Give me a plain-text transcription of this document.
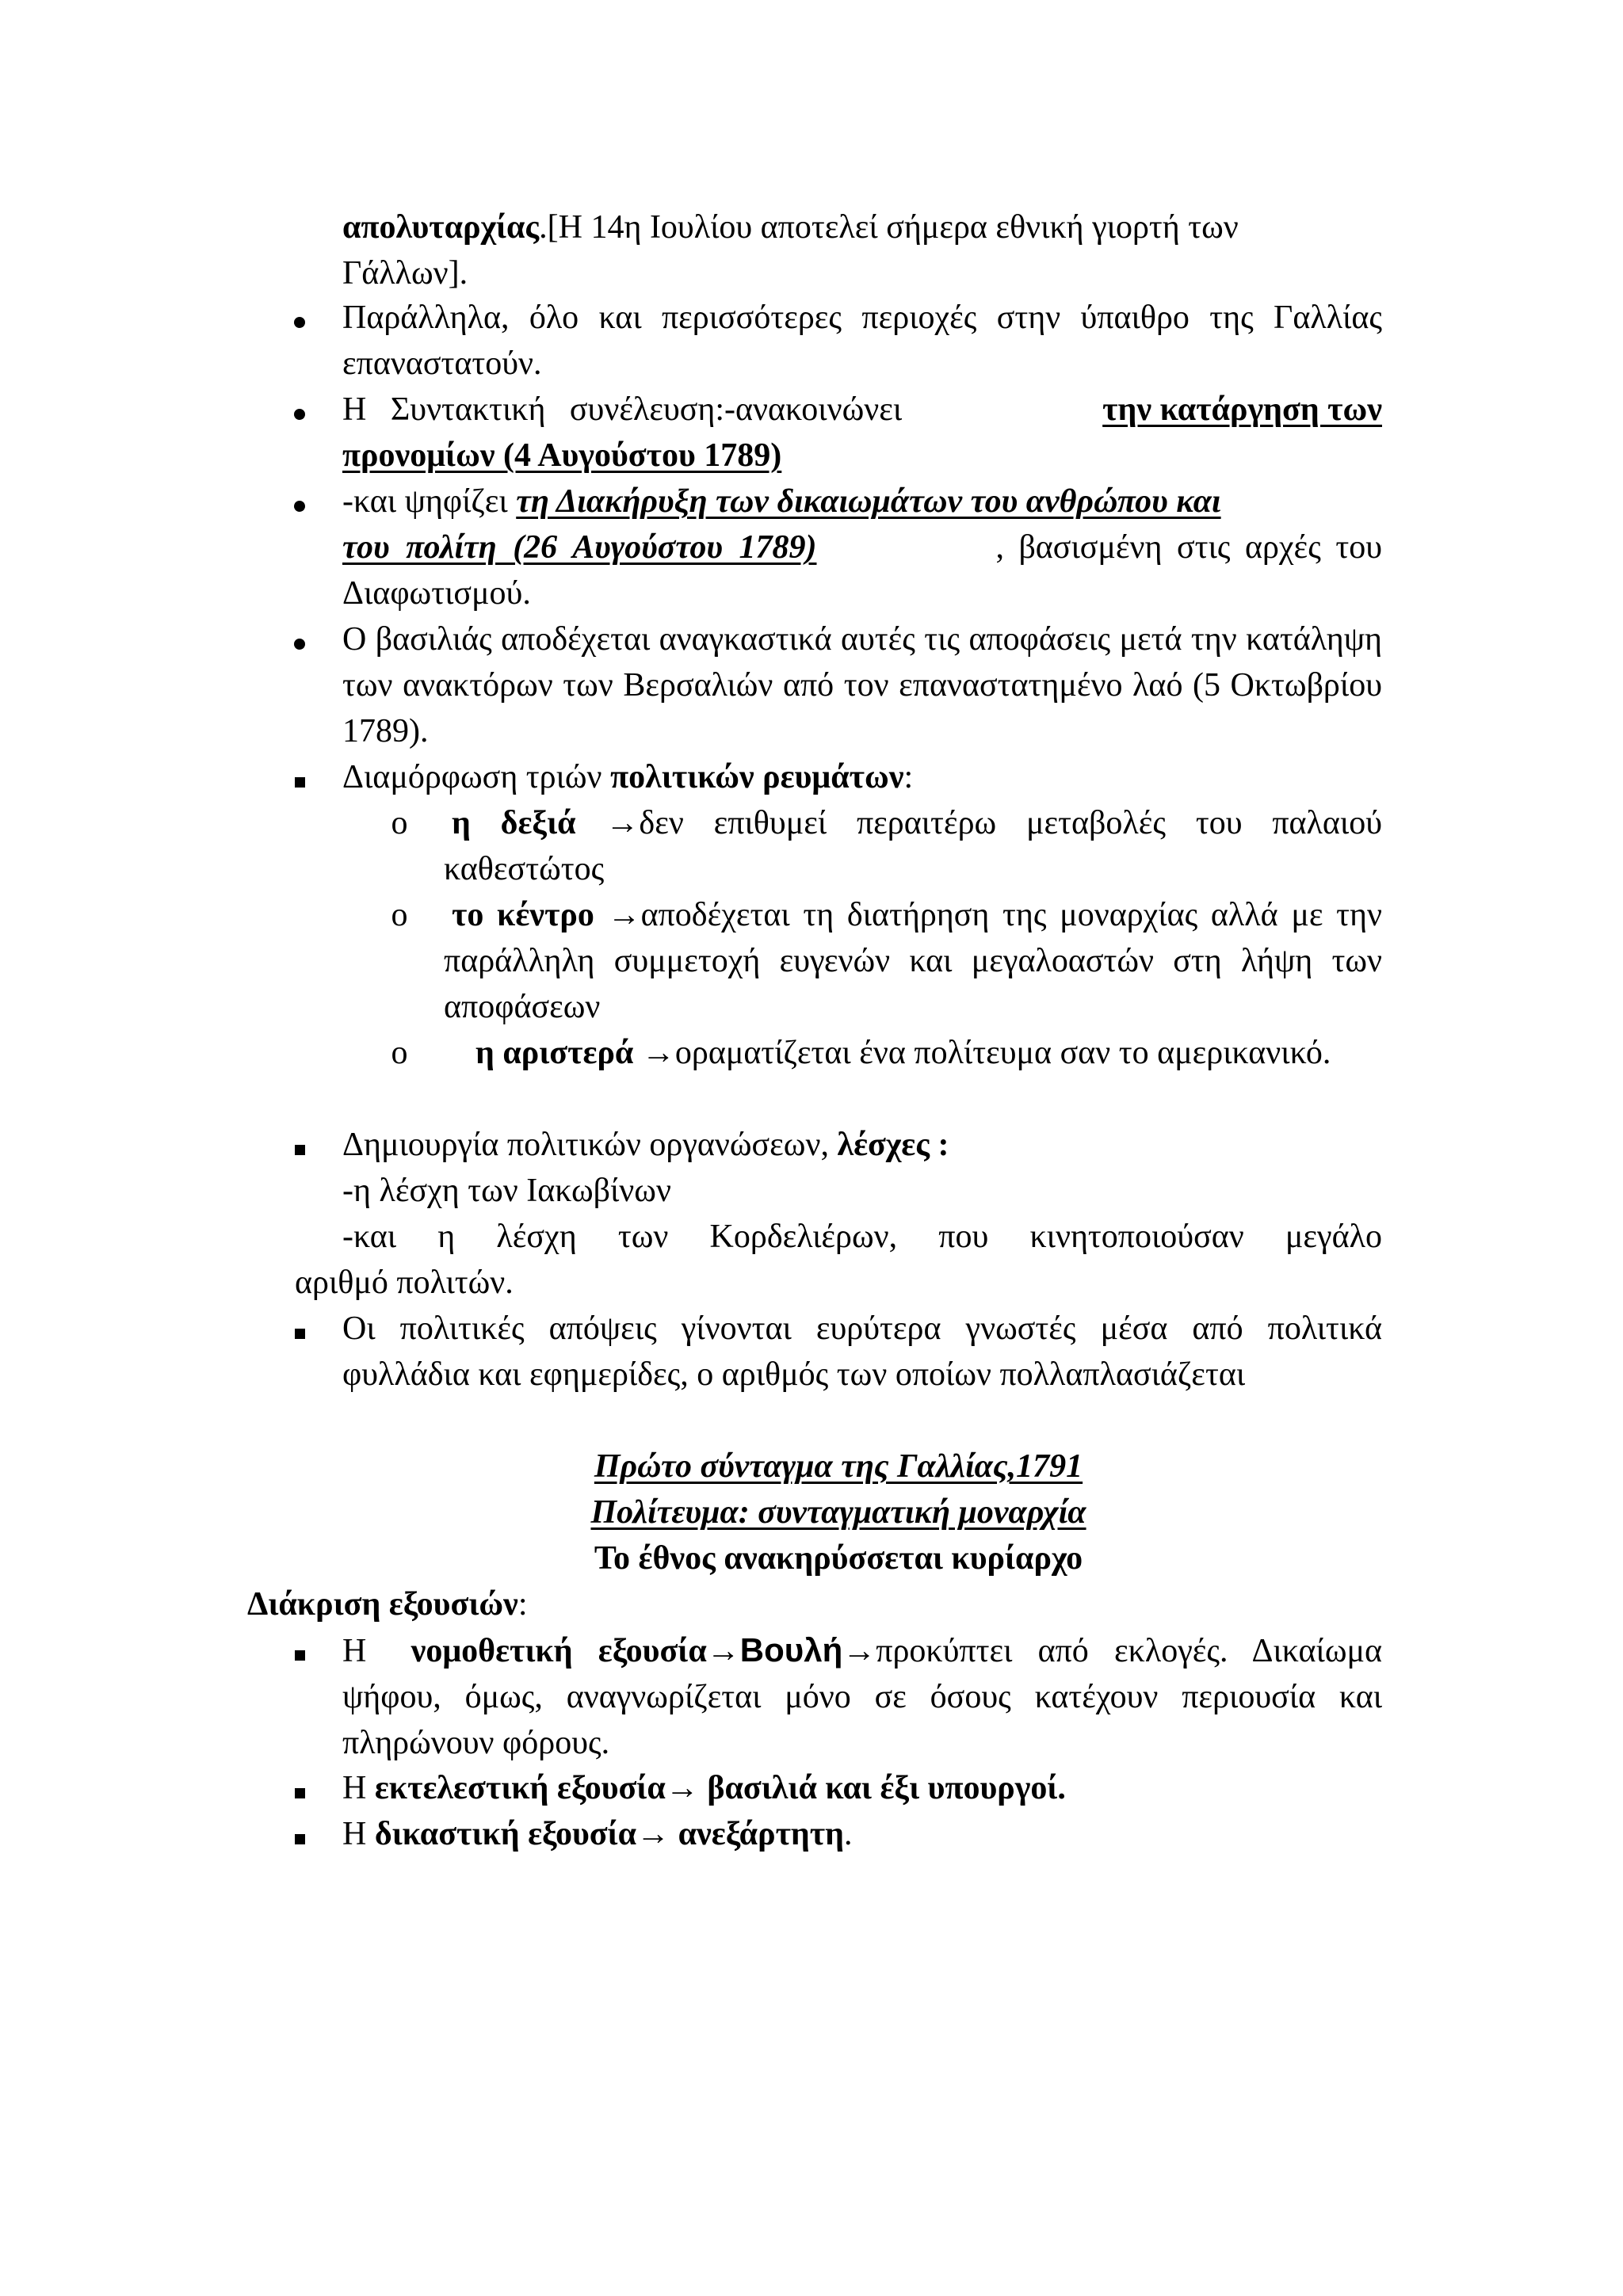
απολυταρχίας.[Η 14η Ιουλίου αποτελεί σήμερα εθνική γιορτή των
Γάλλων].
Παράλληλα, όλο και περισσότερες περιοχές στην ύπαιθρο της Γαλλίας επαναστατούν.
Η Συντακτική συνέλευση:-ανακοινώνει	την κατάργηση των
προνομίων (4 Αυγούστου 1789)
-και ψηφίζει τη Διακήρυξη των δικαιωμάτων του ανθρώπου και
του πολίτη (26 Αυγούστου 1789)	, βασισμένη στις αρχές του
Διαφωτισμού.
Ο βασιλιάς αποδέχεται αναγκαστικά αυτές τις αποφάσεις μετά την κατάληψη των ανακτόρων των Βερσαλιών από τον επαναστατημένο λαό (5 Οκτωβρίου 1789).
Διαμόρφωση τριών πολιτικών ρευμάτων:
o η δεξιά →δεν επιθυμεί περαιτέρω μεταβολές του παλαιού καθεστώτος
o το κέντρο →αποδέχεται τη διατήρηση της μοναρχίας αλλά με την παράλληλη συμμετοχή ευγενών και μεγαλοαστών στη λήψη των αποφάσεων
o	η αριστερά →οραματίζεται ένα πολίτευμα σαν το αμερικανικό.
Δημιουργία πολιτικών οργανώσεων, λέσχες :
-η λέσχη των Ιακωβίνων
-και η λέσχη των Κορδελιέρων, που κινητοποιούσαν μεγάλο
αριθμό πολιτών.
Οι πολιτικές απόψεις γίνονται ευρύτερα γνωστές μέσα από πολιτικά φυλλάδια και εφημερίδες, ο αριθμός των οποίων πολλαπλασιάζεται
Πρώτο σύνταγμα της Γαλλίας,1791
Πολίτευμα: συνταγματική μοναρχία
Το έθνος ανακηρύσσεται κυρίαρχο
Διάκριση εξουσιών:
Η νομοθετική εξουσία→Βουλή→προκύπτει από εκλογές. Δικαίωμα ψήφου, όμως, αναγνωρίζεται μόνο σε όσους κατέχουν περιουσία και πληρώνουν φόρους.
Η εκτελεστική εξουσία→ βασιλιά και έξι υπουργοί.
Η δικαστική εξουσία→ ανεξάρτητη.
